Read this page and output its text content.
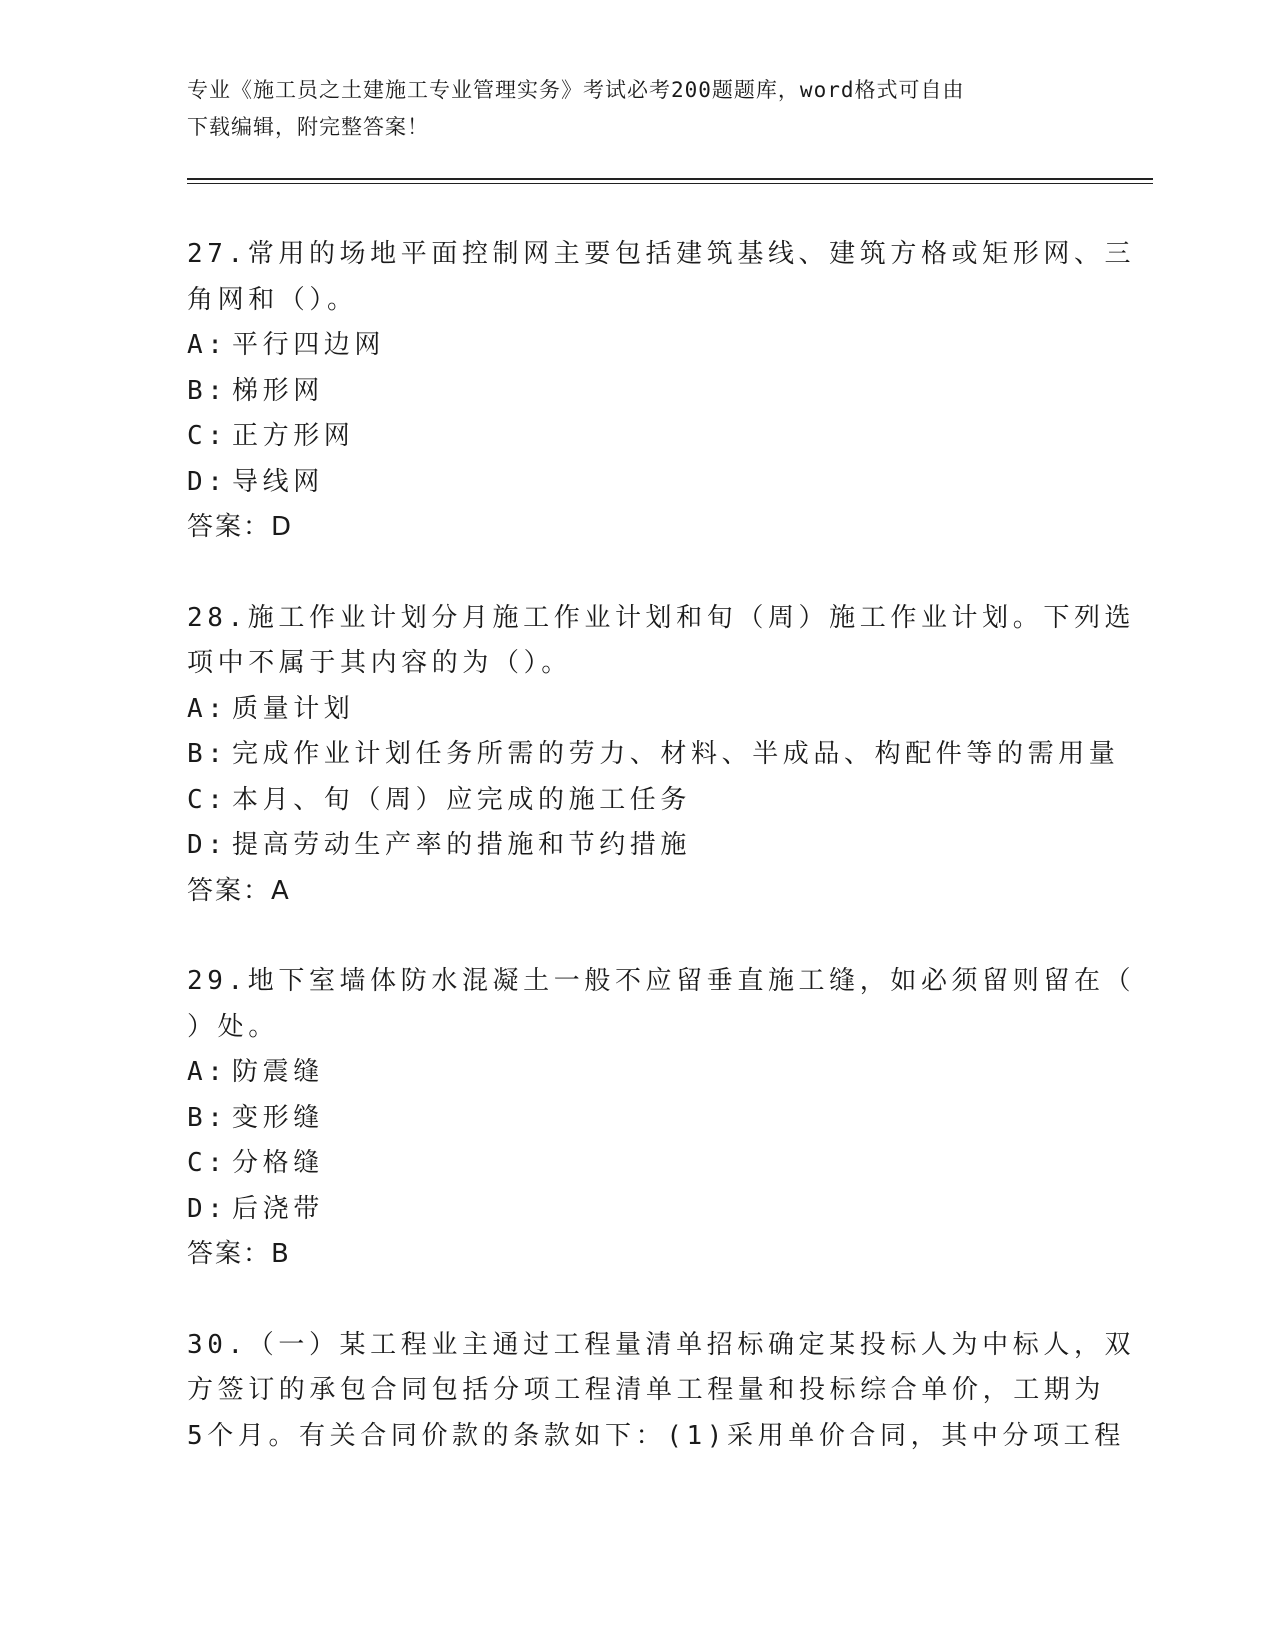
专业《施工员之土建施工专业管理实务》考试必考200题题库，word格式可自由
下载编辑，附完整答案！
27.常用的场地平面控制网主要包括建筑基线、建筑方格或矩形网、三
角网和（）。
A: 平行四边网
B: 梯形网
C: 正方形网
D: 导线网
答案：D
28.施工作业计划分月施工作业计划和旬（周）施工作业计划。下列选
项中不属于其内容的为（）。
A: 质量计划
B: 完成作业计划任务所需的劳力、材料、半成品、构配件等的需用量
C: 本月、旬（周）应完成的施工任务
D: 提高劳动生产率的措施和节约措施
答案：A
29.地下室墙体防水混凝土一般不应留垂直施工缝，如必须留则留在（
）处。
A: 防震缝
B: 变形缝
C: 分格缝
D: 后浇带
答案：B
30.（一）某工程业主通过工程量清单招标确定某投标人为中标人，双
方签订的承包合同包括分项工程清单工程量和投标综合单价，工期为
5个月。有关合同价款的条款如下：(1)采用单价合同，其中分项工程
